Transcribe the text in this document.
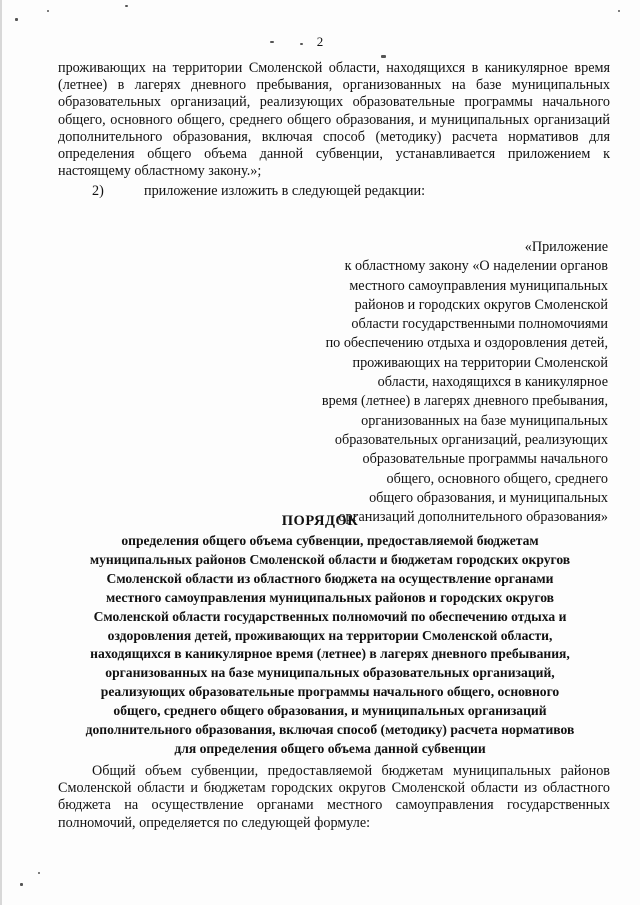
2
проживающих на территории Смоленской области, находящихся в каникулярное время (летнее) в лагерях дневного пребывания, организованных на базе муниципальных образовательных организаций, реализующих образовательные программы начального общего, основного общего, среднего общего образования, и муниципальных организаций дополнительного образования, включая способ (методику) расчета нормативов для определения общего объема данной субвенции, устанавливается приложением к настоящему областному закону.»;
2)	приложение изложить в следующей редакции:
«Приложение
к областному закону «О наделении органов
местного самоуправления муниципальных
районов и городских округов Смоленской
области государственными полномочиями
по обеспечению отдыха и оздоровления детей,
проживающих на территории Смоленской
области, находящихся в каникулярное
время (летнее) в лагерях дневного пребывания,
организованных на базе муниципальных
образовательных организаций, реализующих
образовательные программы начального
общего, основного общего, среднего
общего образования, и муниципальных
организаций дополнительного образования»
ПОРЯДОК
определения общего объема субвенции, предоставляемой бюджетам
муниципальных районов Смоленской области и бюджетам городских округов
Смоленской области из областного бюджета на осуществление органами
местного самоуправления муниципальных районов и городских округов
Смоленской области государственных полномочий по обеспечению отдыха и
оздоровления детей, проживающих на территории Смоленской области,
находящихся в каникулярное время (летнее) в лагерях дневного пребывания,
организованных на базе муниципальных образовательных организаций,
реализующих образовательные программы начального общего, основного
общего, среднего общего образования, и муниципальных организаций
дополнительного образования, включая способ (методику) расчета нормативов
для определения общего объема данной субвенции
Общий объем субвенции, предоставляемой бюджетам муниципальных районов Смоленской области и бюджетам городских округов Смоленской области из областного бюджета на осуществление органами местного самоуправления государственных полномочий, определяется по следующей формуле:
